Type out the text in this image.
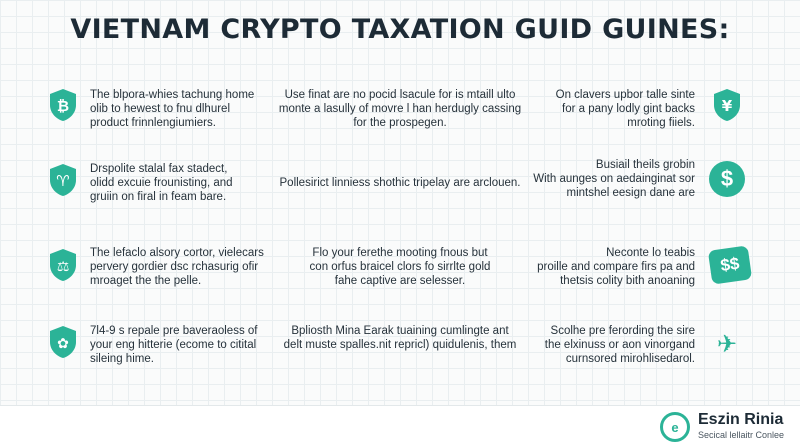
VIETNAM CRYPTO TAXATION GUID GUINES:
₿
The blpora-whies tachung home
olib to hewest to fnu dlhurel
product frinnlengiumiers.
Use finat are no pocid lsacule for is mtaill ulto
monte a lasully of movre l han herdugly cassing
for the prospegen.
On clavers upbor talle sinte
for a pany lodly gint backs
mroting fiiels.
¥
♈
Drspolite stalal fax stadect,
olidd excuie frounisting, and
gruiin on firal in feam bare.
Pollesirict linniess shothic tripelay are arclouen.
Busiail theils grobin
With aunges on aedainginat sor
mintshel eesign dane are
$
⚖
The lefaclo alsory cortor, vielecars
pervery gordier dsc rchasurig ofir
mroaget the the pelle.
Flo your ferethe mooting fnous but
con orfus braicel clors fo sirrlte gold
fahe captive are selesser.
Neconte lo teabis
proille and compare firs pa and
thetsis colity bith anoaning
$$
✿
7l4-9 s repale pre baveraoless of
your eng hitterie (ecome to citital
sileing hime.
Bpliosth Mina Earak tuaining cumlingte ant
delt muste spalles.nit repricl) quidulenis, them
Scolhe pre ferording the sire
the elxinuss or aon vinorgand
curnsored mirohlisedarol.
✈
e Eszin Rinia
Secical lellaitr Conlee
